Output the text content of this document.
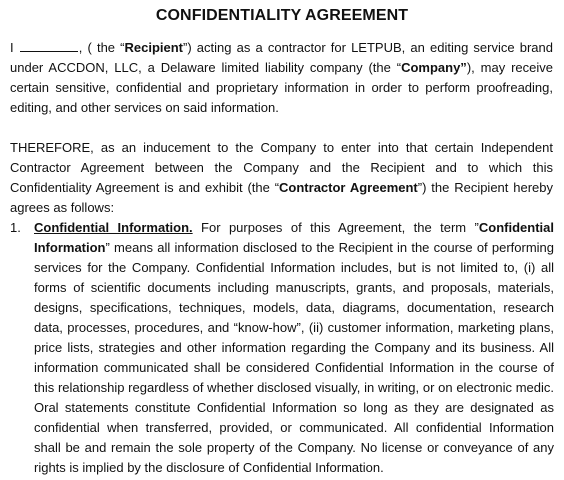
CONFIDENTIALITY AGREEMENT
I	, ( the “Recipient”) acting as a contractor for LETPUB, an editing service brand under ACCDON, LLC, a Delaware limited liability company (the “Company”), may receive certain sensitive, confidential and proprietary information in order to perform proofreading, editing, and other services on said information.
THEREFORE, as an inducement to the Company to enter into that certain Independent Contractor Agreement between the Company and the Recipient and to which this Confidentiality Agreement is and exhibit (the “Contractor Agreement”) the Recipient hereby agrees as follows:
1. Confidential Information. For purposes of this Agreement, the term ”Confidential Information” means all information disclosed to the Recipient in the course of performing services for the Company. Confidential Information includes, but is not limited to, (i) all forms of scientific documents including manuscripts, grants, and proposals, materials, designs, specifications, techniques, models, data, diagrams, documentation, research data, processes, procedures, and “know-how”, (ii) customer information, marketing plans, price lists, strategies and other information regarding the Company and its business. All information communicated shall be considered Confidential Information in the course of this relationship regardless of whether disclosed visually, in writing, or on electronic medic. Oral statements constitute Confidential Information so long as they are designated as confidential when transferred, provided, or communicated. All confidential Information shall be and remain the sole property of the Company. No license or conveyance of any rights is implied by the disclosure of Confidential Information.
